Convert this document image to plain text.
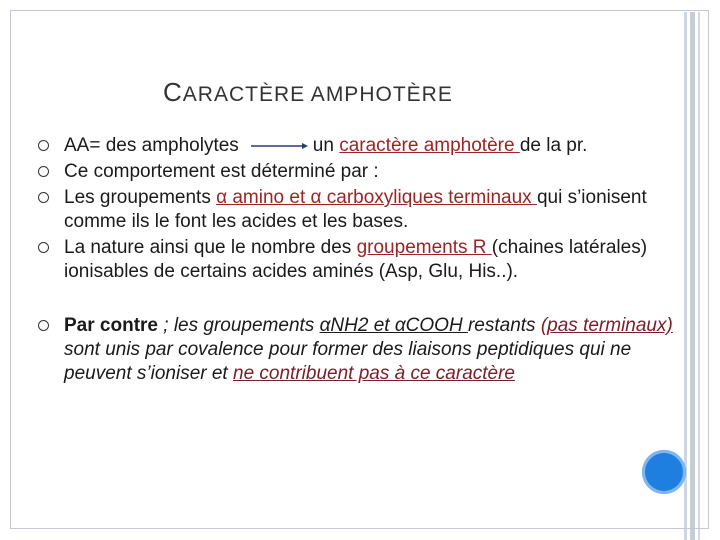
CARACTÈRE AMPHOTÈRE
AA= des ampholytes	un caractère amphotère de la pr.
Ce comportement est déterminé par :
Les groupements α amino et α carboxyliques terminaux qui s’ionisent comme ils le font les acides et les bases.
La nature ainsi que le nombre des groupements R (chaines latérales) ionisables de certains acides aminés (Asp, Glu, His..).
Par contre ; les groupements αNH2 et αCOOH restants (pas terminaux) sont unis par covalence pour former des liaisons peptidiques qui ne peuvent s’ioniser et ne contribuent pas à ce caractère
